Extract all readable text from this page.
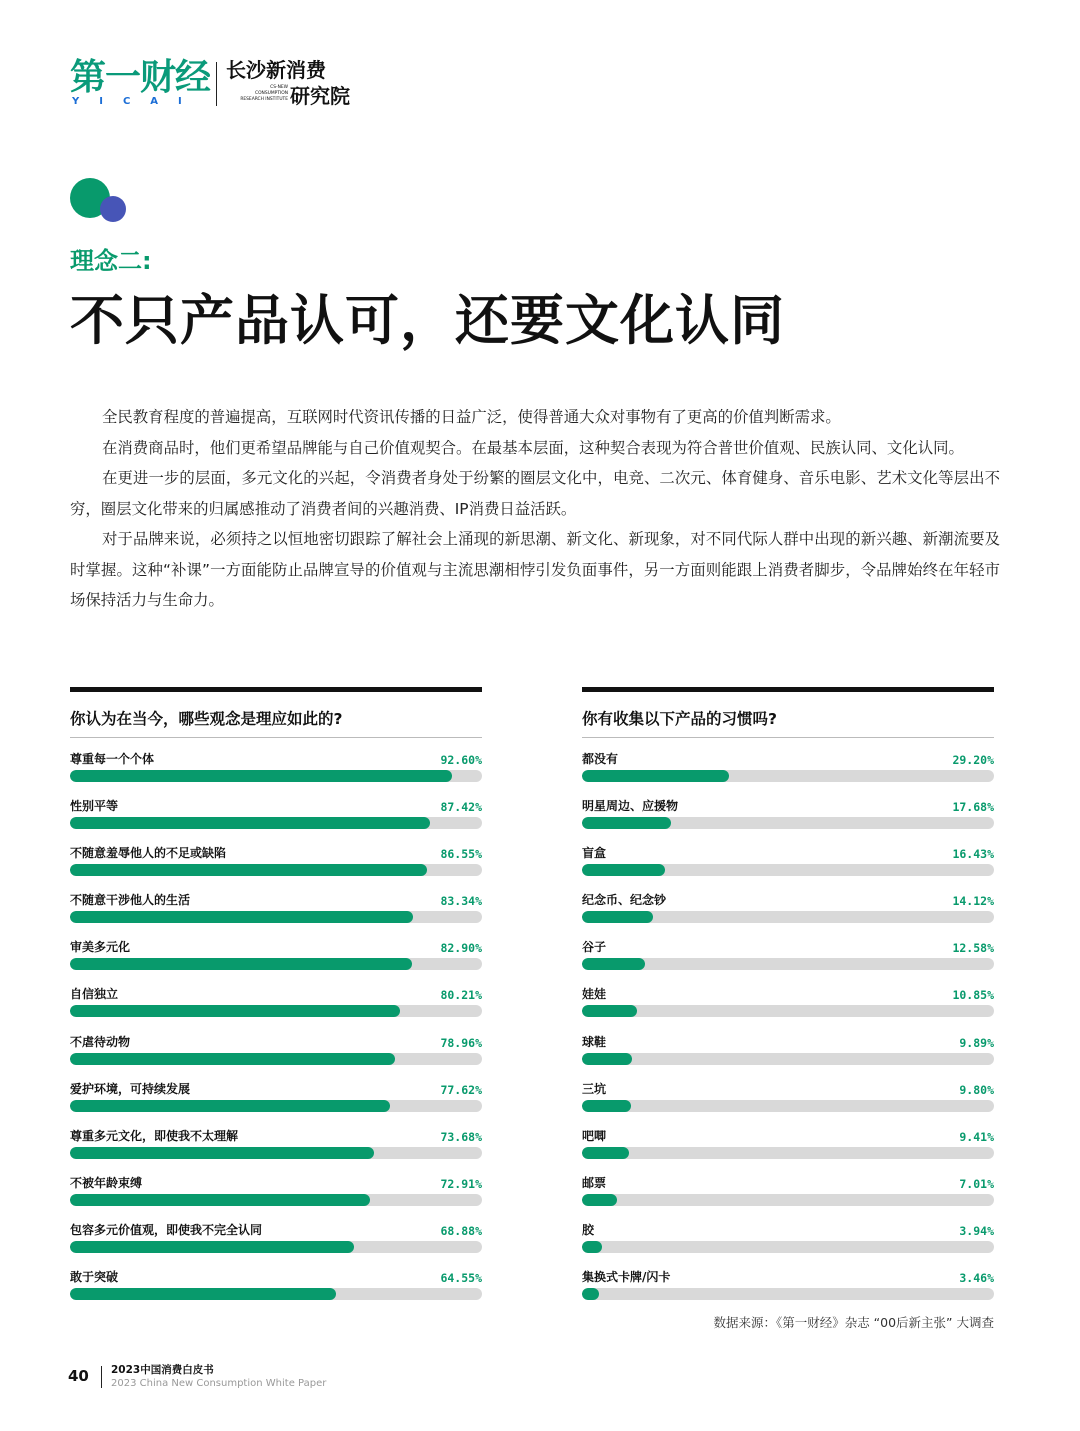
第一财经
YICAI
长沙新消费
CS-NEW
CONSUMPTION
RESEARCH INSTITUTE 研究院
理念二:
不只产品认可，还要文化认同

全民教育程度的普遍提高，互联网时代资讯传播的日益广泛，使得普通大众对事物有了更高的价值判断需求。

在消费商品时，他们更希望品牌能与自己价值观契合。在最基本层面，这种契合表现为符合普世价值观、民族认同、文化认同。

在更进一步的层面，多元文化的兴起，令消费者身处于纷繁的圈层文化中，电竞、二次元、体育健身、音乐电影、艺术文化等层出不穷，圈层文化带来的归属感推动了消费者间的兴趣消费、IP消费日益活跃。

对于品牌来说，必须持之以恒地密切跟踪了解社会上涌现的新思潮、新文化、新现象，对不同代际人群中出现的新兴趣、新潮流要及时掌握。这种“补课”一方面能防止品牌宣导的价值观与主流思潮相悖引发负面事件，另一方面则能跟上消费者脚步，令品牌始终在年轻市场保持活力与生命力。

你认为在当今，哪些观念是理应如此的?
尊重每一个个体	92.60%
性别平等	87.42%
不随意羞辱他人的不足或缺陷	86.55%
不随意干涉他人的生活	83.34%
审美多元化	82.90%
自信独立	80.21%
不虐待动物	78.96%
爱护环境，可持续发展	77.62%
尊重多元文化，即使我不太理解	73.68%
不被年龄束缚	72.91%
包容多元价值观，即使我不完全认同	68.88%
敢于突破	64.55%
你有收集以下产品的习惯吗?
都没有	29.20%
明星周边、应援物	17.68%
盲盒	16.43%
纪念币、纪念钞	14.12%
谷子	12.58%
娃娃	10.85%
球鞋	9.89%
三坑	9.80%
吧唧	9.41%
邮票	7.01%
胶	3.94%
集换式卡牌/闪卡	3.46%
数据来源：《第一财经》杂志 “00后新主张” 大调查
40 2023中国消费白皮书
2023 China New Consumption White Paper
